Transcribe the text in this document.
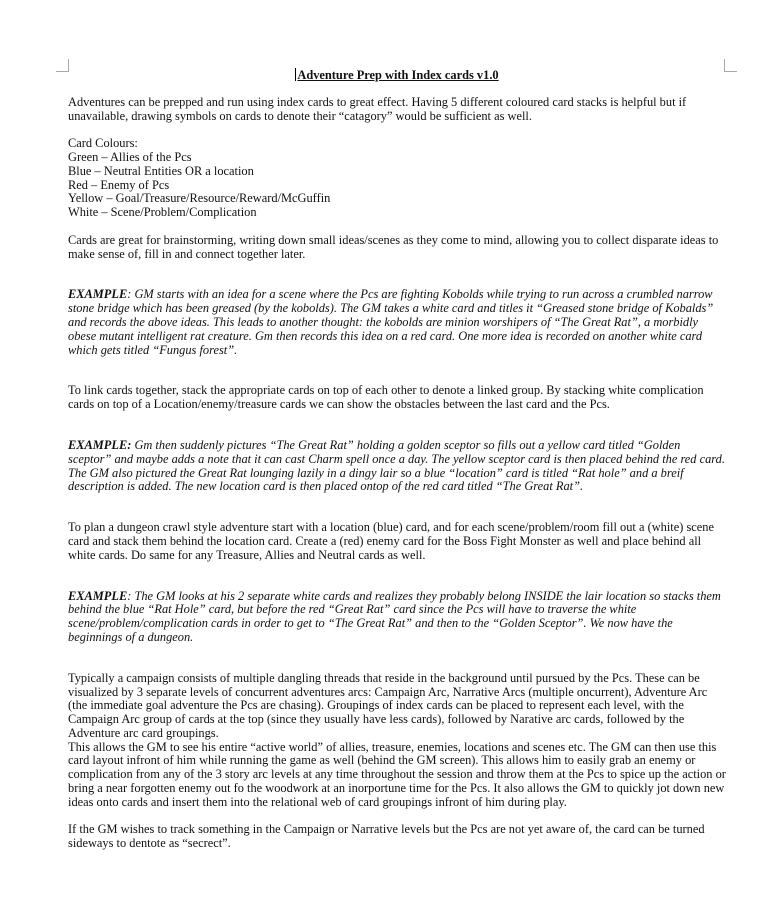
Adventure Prep with Index cards v1.0

Adventures can be prepped and run using index cards to great effect. Having 5 different coloured card stacks is helpful but if unavailable, drawing symbols on cards to denote their “catagory” would be sufficient as well.

Card Colours:
Green – Allies of the Pcs
Blue – Neutral Entities OR a location
Red – Enemy of Pcs
Yellow – Goal/Treasure/Resource/Reward/McGuffin
White – Scene/Problem/Complication

Cards are great for brainstorming, writing down small ideas/scenes as they come to mind, allowing you to collect disparate ideas to make sense of, fill in and connect together later.

EXAMPLE: GM starts with an idea for a scene where the Pcs are fighting Kobolds while trying to run across a crumbled narrow stone bridge which has been greased (by the kobolds). The GM takes a white card and titles it “Greased stone bridge of Kobalds” and records the above ideas. This leads to another thought: the kobolds are minion worshipers of “The Great Rat”, a morbidly obese mutant intelligent rat creature. Gm then records this idea on a red card. One more idea is recorded on another white card which gets titled “Fungus forest”.

To link cards together, stack the appropriate cards on top of each other to denote a linked group. By stacking white complication cards on top of a Location/enemy/treasure cards we can show the obstacles between the last card and the Pcs.

EXAMPLE: Gm then suddenly pictures “The Great Rat” holding a golden sceptor so fills out a yellow card titled “Golden sceptor” and maybe adds a note that it can cast Charm spell once a day. The yellow sceptor card is then placed behind the red card. The GM also pictured the Great Rat lounging lazily in a dingy lair so a blue “location” card is titled “Rat hole” and a breif description is added. The new location card is then placed ontop of the red card titled “The Great Rat”.

To plan a dungeon crawl style adventure start with a location (blue) card, and for each scene/problem/room fill out a (white) scene card and stack them behind the location card. Create a (red) enemy card for the Boss Fight Monster as well and place behind all white cards. Do same for any Treasure, Allies and Neutral cards as well.

EXAMPLE: The GM looks at his 2 separate white cards and realizes they probably belong INSIDE the lair location so stacks them behind the blue “Rat Hole” card, but before the red “Great Rat” card since the Pcs will have to traverse the white scene/problem/complication cards in order to get to “The Great Rat” and then to the “Golden Sceptor”. We now have the beginnings of a dungeon.

Typically a campaign consists of multiple dangling threads that reside in the background until pursued by the Pcs. These can be visualized by 3 separate levels of concurrent adventures arcs: Campaign Arc, Narrative Arcs (multiple oncurrent), Adventure Arc (the immediate goal adventure the Pcs are chasing). Groupings of index cards can be placed to represent each level, with the Campaign Arc group of cards at the top (since they usually have less cards), followed by Narative arc cards, followed by the Adventure arc card groupings.

This allows the GM to see his entire “active world” of allies, treasure, enemies, locations and scenes etc. The GM can then use this card layout infront of him while running the game as well (behind the GM screen). This allows him to easily grab an enemy or complication from any of the 3 story arc levels at any time throughout the session and throw them at the Pcs to spice up the action or bring a near forgotten enemy out fo the woodwork at an inorportune time for the Pcs. It also allows the GM to quickly jot down new ideas onto cards and insert them into the relational web of card groupings infront of him during play.

If the GM wishes to track something in the Campaign or Narrative levels but the Pcs are not yet aware of, the card can be turned sideways to dentote as “secrect”.
